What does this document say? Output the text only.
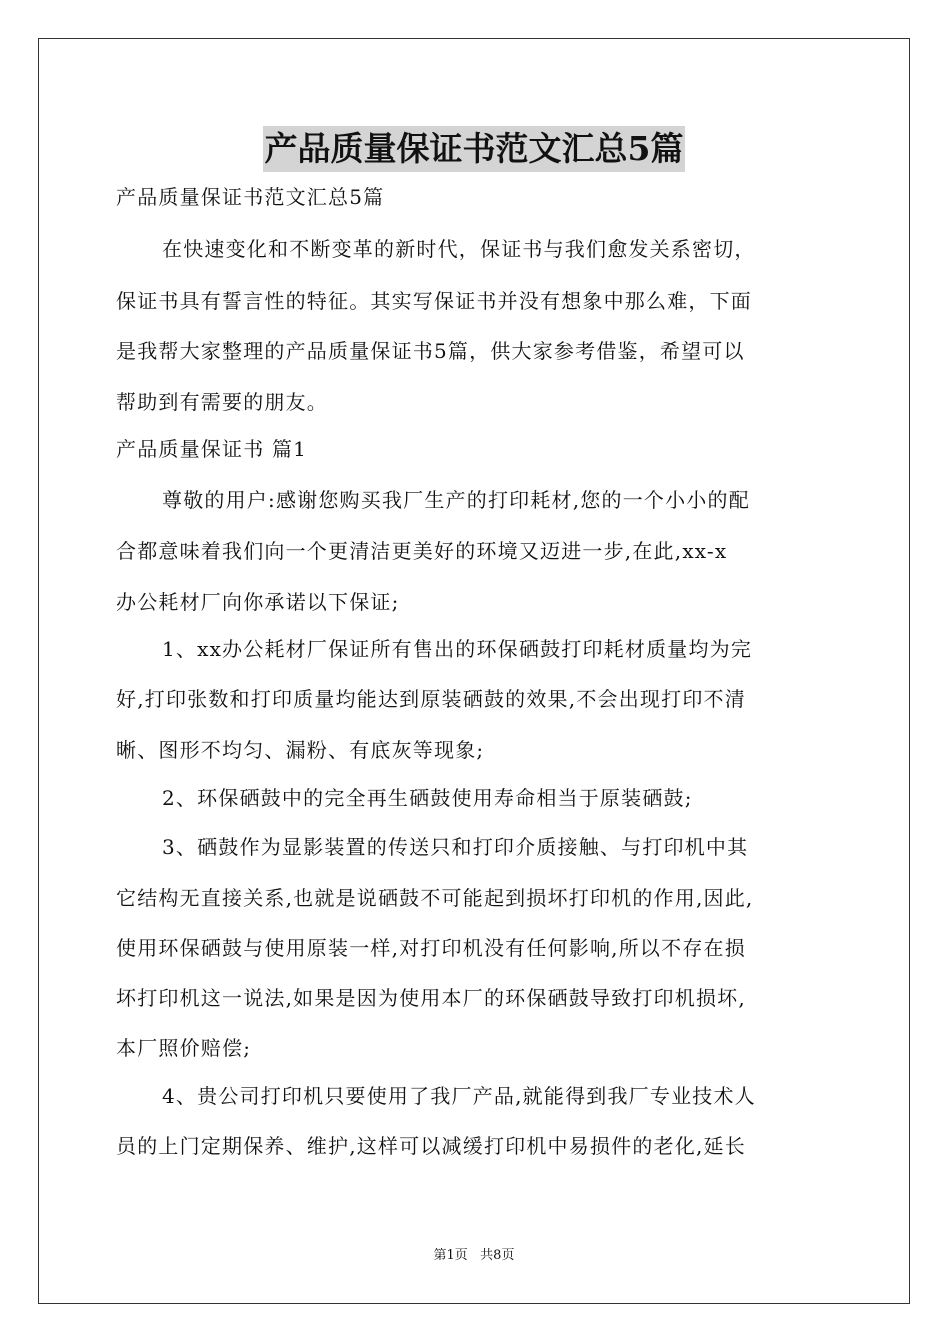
产品质量保证书范文汇总5篇
产品质量保证书范文汇总5篇
在快速变化和不断变革的新时代，保证书与我们愈发关系密切，
保证书具有誓言性的特征。其实写保证书并没有想象中那么难，下面
是我帮大家整理的产品质量保证书5篇，供大家参考借鉴，希望可以
帮助到有需要的朋友。
产品质量保证书 篇1
尊敬的用户:感谢您购买我厂生产的打印耗材,您的一个小小的配
合都意味着我们向一个更清洁更美好的环境又迈进一步,在此,xx-x
办公耗材厂向你承诺以下保证;
1、xx办公耗材厂保证所有售出的环保硒鼓打印耗材质量均为完
好,打印张数和打印质量均能达到原装硒鼓的效果,不会出现打印不清
晰、图形不均匀、漏粉、有底灰等现象;
2、环保硒鼓中的完全再生硒鼓使用寿命相当于原装硒鼓;
3、硒鼓作为显影装置的传送只和打印介质接触、与打印机中其
它结构无直接关系,也就是说硒鼓不可能起到损坏打印机的作用,因此,
使用环保硒鼓与使用原装一样,对打印机没有任何影响,所以不存在损
坏打印机这一说法,如果是因为使用本厂的环保硒鼓导致打印机损坏,
本厂照价赔偿;
4、贵公司打印机只要使用了我厂产品,就能得到我厂专业技术人
员的上门定期保养、维护,这样可以减缓打印机中易损件的老化,延长
第1页   共8页
